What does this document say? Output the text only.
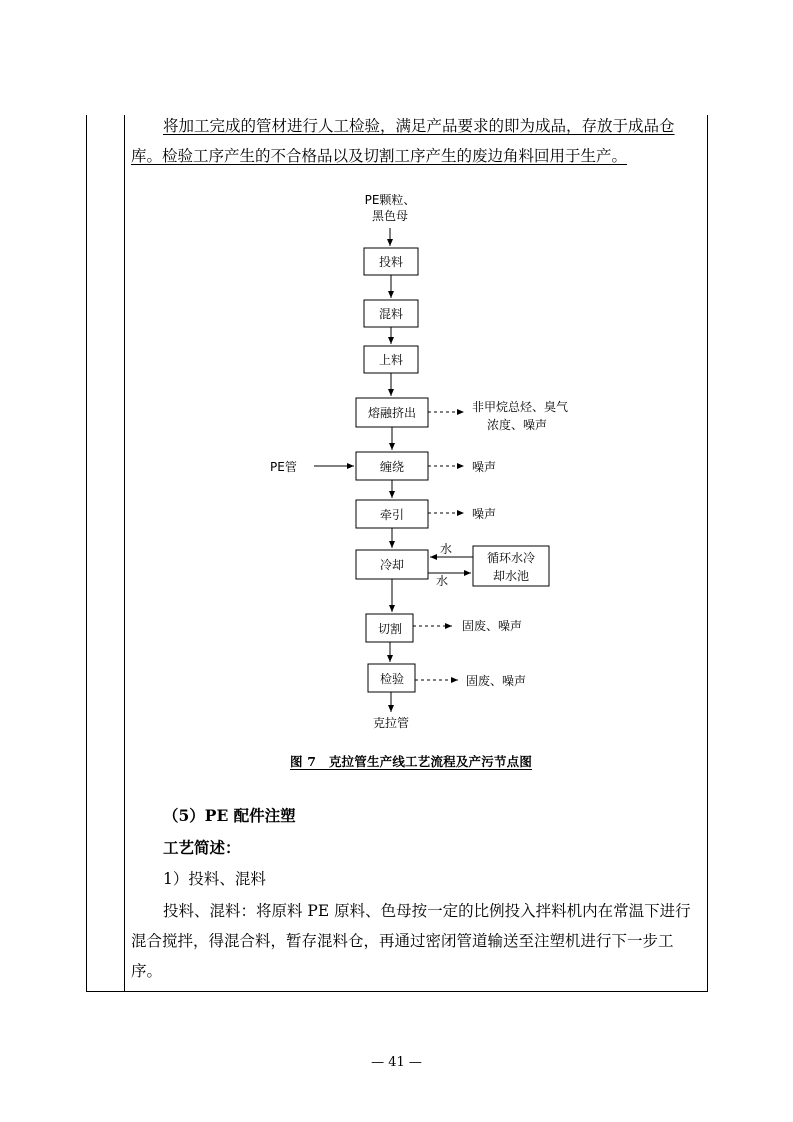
将加工完成的管材进行人工检验，满足产品要求的即为成品，存放于成品仓
库。检验工序产生的不合格品以及切割工序产生的废边角料回用于生产。
PE颗粒、
黑色母
投料
混料
上料
熔融挤出	非甲烷总烃、臭气
浓度、噪声
缠绕
PE管	噪声
牵引	噪声
冷却	循环水冷
却水池
水
水
切割	固废、噪声
检验	固废、噪声
克拉管
图 7　克拉管生产线工艺流程及产污节点图
（5）PE 配件注塑
工艺简述：
1）投料、混料
投料、混料：将原料 PE 原料、色母按一定的比例投入拌料机内在常温下进行
混合搅拌，得混合料，暂存混料仓，再通过密闭管道输送至注塑机进行下一步工
序。
— 41 —
